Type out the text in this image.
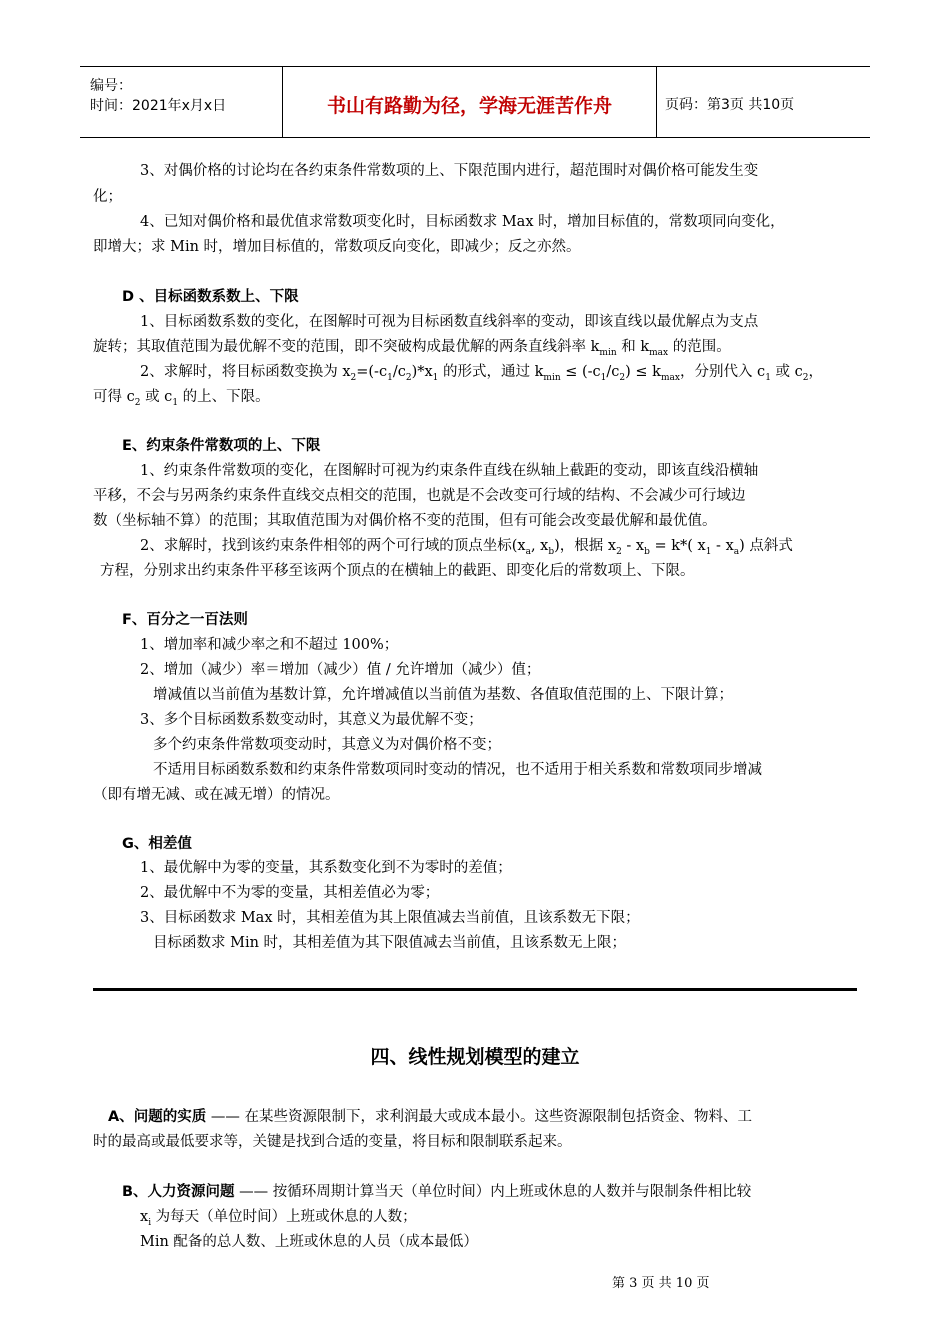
编号：
时间：2021年x月x日	书山有路勤为径，学海无涯苦作舟	页码：第3页 共10页
3、对偶价格的讨论均在各约束条件常数项的上、下限范围内进行，超范围时对偶价格可能发生变
化；
4、已知对偶价格和最优值求常数项变化时，目标函数求 Max 时，增加目标值的，常数项同向变化，
即增大；求 Min 时，增加目标值的，常数项反向变化，即减少；反之亦然。
D 、目标函数系数上、下限
1、目标函数系数的变化，在图解时可视为目标函数直线斜率的变动，即该直线以最优解点为支点
旋转；其取值范围为最优解不变的范围，即不突破构成最优解的两条直线斜率 $k_{min}$ 和 $k_{max}$ 的范围。
2、求解时，将目标函数变换为 $x_2=(-c_1/c_2)*x_1$ 的形式，通过 $k_{min} \le (-c_1/c_2) \le k_{max}$，分别代入 $c_1$ 或 $c_2$，
可得 $c_2$ 或 $c_1$ 的上、下限。
E、约束条件常数项的上、下限
1、约束条件常数项的变化，在图解时可视为约束条件直线在纵轴上截距的变动，即该直线沿横轴
平移，不会与另两条约束条件直线交点相交的范围，也就是不会改变可行域的结构、不会减少可行域边
数（坐标轴不算）的范围；其取值范围为对偶价格不变的范围，但有可能会改变最优解和最优值。
2、求解时，找到该约束条件相邻的两个可行域的顶点坐标($x_a$, $x_b$)，根据 $x_2 - x_b = k*$( $x_1 - x_a$) 点斜式
方程，分别求出约束条件平移至该两个顶点的在横轴上的截距、即变化后的常数项上、下限。
F、百分之一百法则
1、增加率和减少率之和不超过 100%；
2、增加（减少）率＝增加（减少）值 / 允许增加（减少）值；
增减值以当前值为基数计算，允许增减值以当前值为基数、各值取值范围的上、下限计算；
3、多个目标函数系数变动时，其意义为最优解不变；
多个约束条件常数项变动时，其意义为对偶价格不变；
不适用目标函数系数和约束条件常数项同时变动的情况，也不适用于相关系数和常数项同步增减
（即有增无减、或在减无增）的情况。
G、相差值
1、最优解中为零的变量，其系数变化到不为零时的差值；
2、最优解中不为零的变量，其相差值必为零；
3、目标函数求 Max 时，其相差值为其上限值减去当前值，且该系数无下限；
目标函数求 Min 时，其相差值为其下限值减去当前值，且该系数无上限；
四、线性规划模型的建立
A、问题的实质 —— 在某些资源限制下，求利润最大或成本最小。这些资源限制包括资金、物料、工
时的最高或最低要求等，关键是找到合适的变量，将目标和限制联系起来。
B、人力资源问题 —— 按循环周期计算当天（单位时间）内上班或休息的人数并与限制条件相比较
$x_i$ 为每天（单位时间）上班或休息的人数；
Min 配备的总人数、上班或休息的人员（成本最低）
第 3 页 共 10 页
